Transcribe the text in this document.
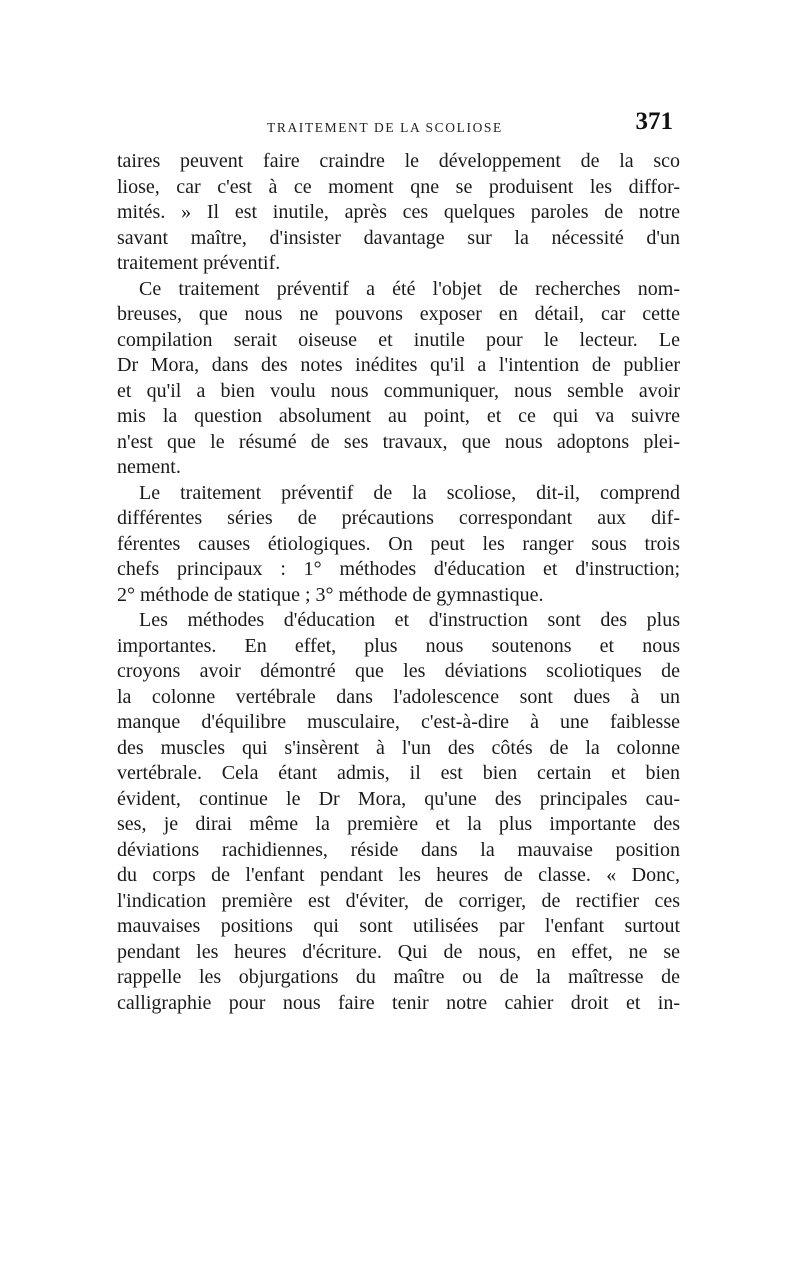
TRAITEMENT DE LA SCOLIOSE	371
taires peuvent faire craindre le développement de la sco
liose, car c'est à ce moment qne se produisent les diffor-
mités. » Il est inutile, après ces quelques paroles de notre
savant maître, d'insister davantage sur la nécessité d'un
traitement préventif.
Ce traitement préventif a été l'objet de recherches nom-
breuses, que nous ne pouvons exposer en détail, car cette
compilation serait oiseuse et inutile pour le lecteur. Le
Dr Mora, dans des notes inédites qu'il a l'intention de publier
et qu'il a bien voulu nous communiquer, nous semble avoir
mis la question absolument au point, et ce qui va suivre
n'est que le résumé de ses travaux, que nous adoptons plei-
nement.
Le traitement préventif de la scoliose, dit-il, comprend
différentes séries de précautions correspondant aux dif-
férentes causes étiologiques. On peut les ranger sous trois
chefs principaux : 1° méthodes d'éducation et d'instruction;
2° méthode de statique ; 3° méthode de gymnastique.
Les méthodes d'éducation et d'instruction sont des plus
importantes. En effet, plus nous soutenons et nous
croyons avoir démontré que les déviations scoliotiques de
la colonne vertébrale dans l'adolescence sont dues à un
manque d'équilibre musculaire, c'est-à-dire à une faiblesse
des muscles qui s'insèrent à l'un des côtés de la colonne
vertébrale. Cela étant admis, il est bien certain et bien
évident, continue le Dr Mora, qu'une des principales cau-
ses, je dirai même la première et la plus importante des
déviations rachidiennes, réside dans la mauvaise position
du corps de l'enfant pendant les heures de classe. « Donc,
l'indication première est d'éviter, de corriger, de rectifier ces
mauvaises positions qui sont utilisées par l'enfant surtout
pendant les heures d'écriture. Qui de nous, en effet, ne se
rappelle les objurgations du maître ou de la maîtresse de
calligraphie pour nous faire tenir notre cahier droit et in-
